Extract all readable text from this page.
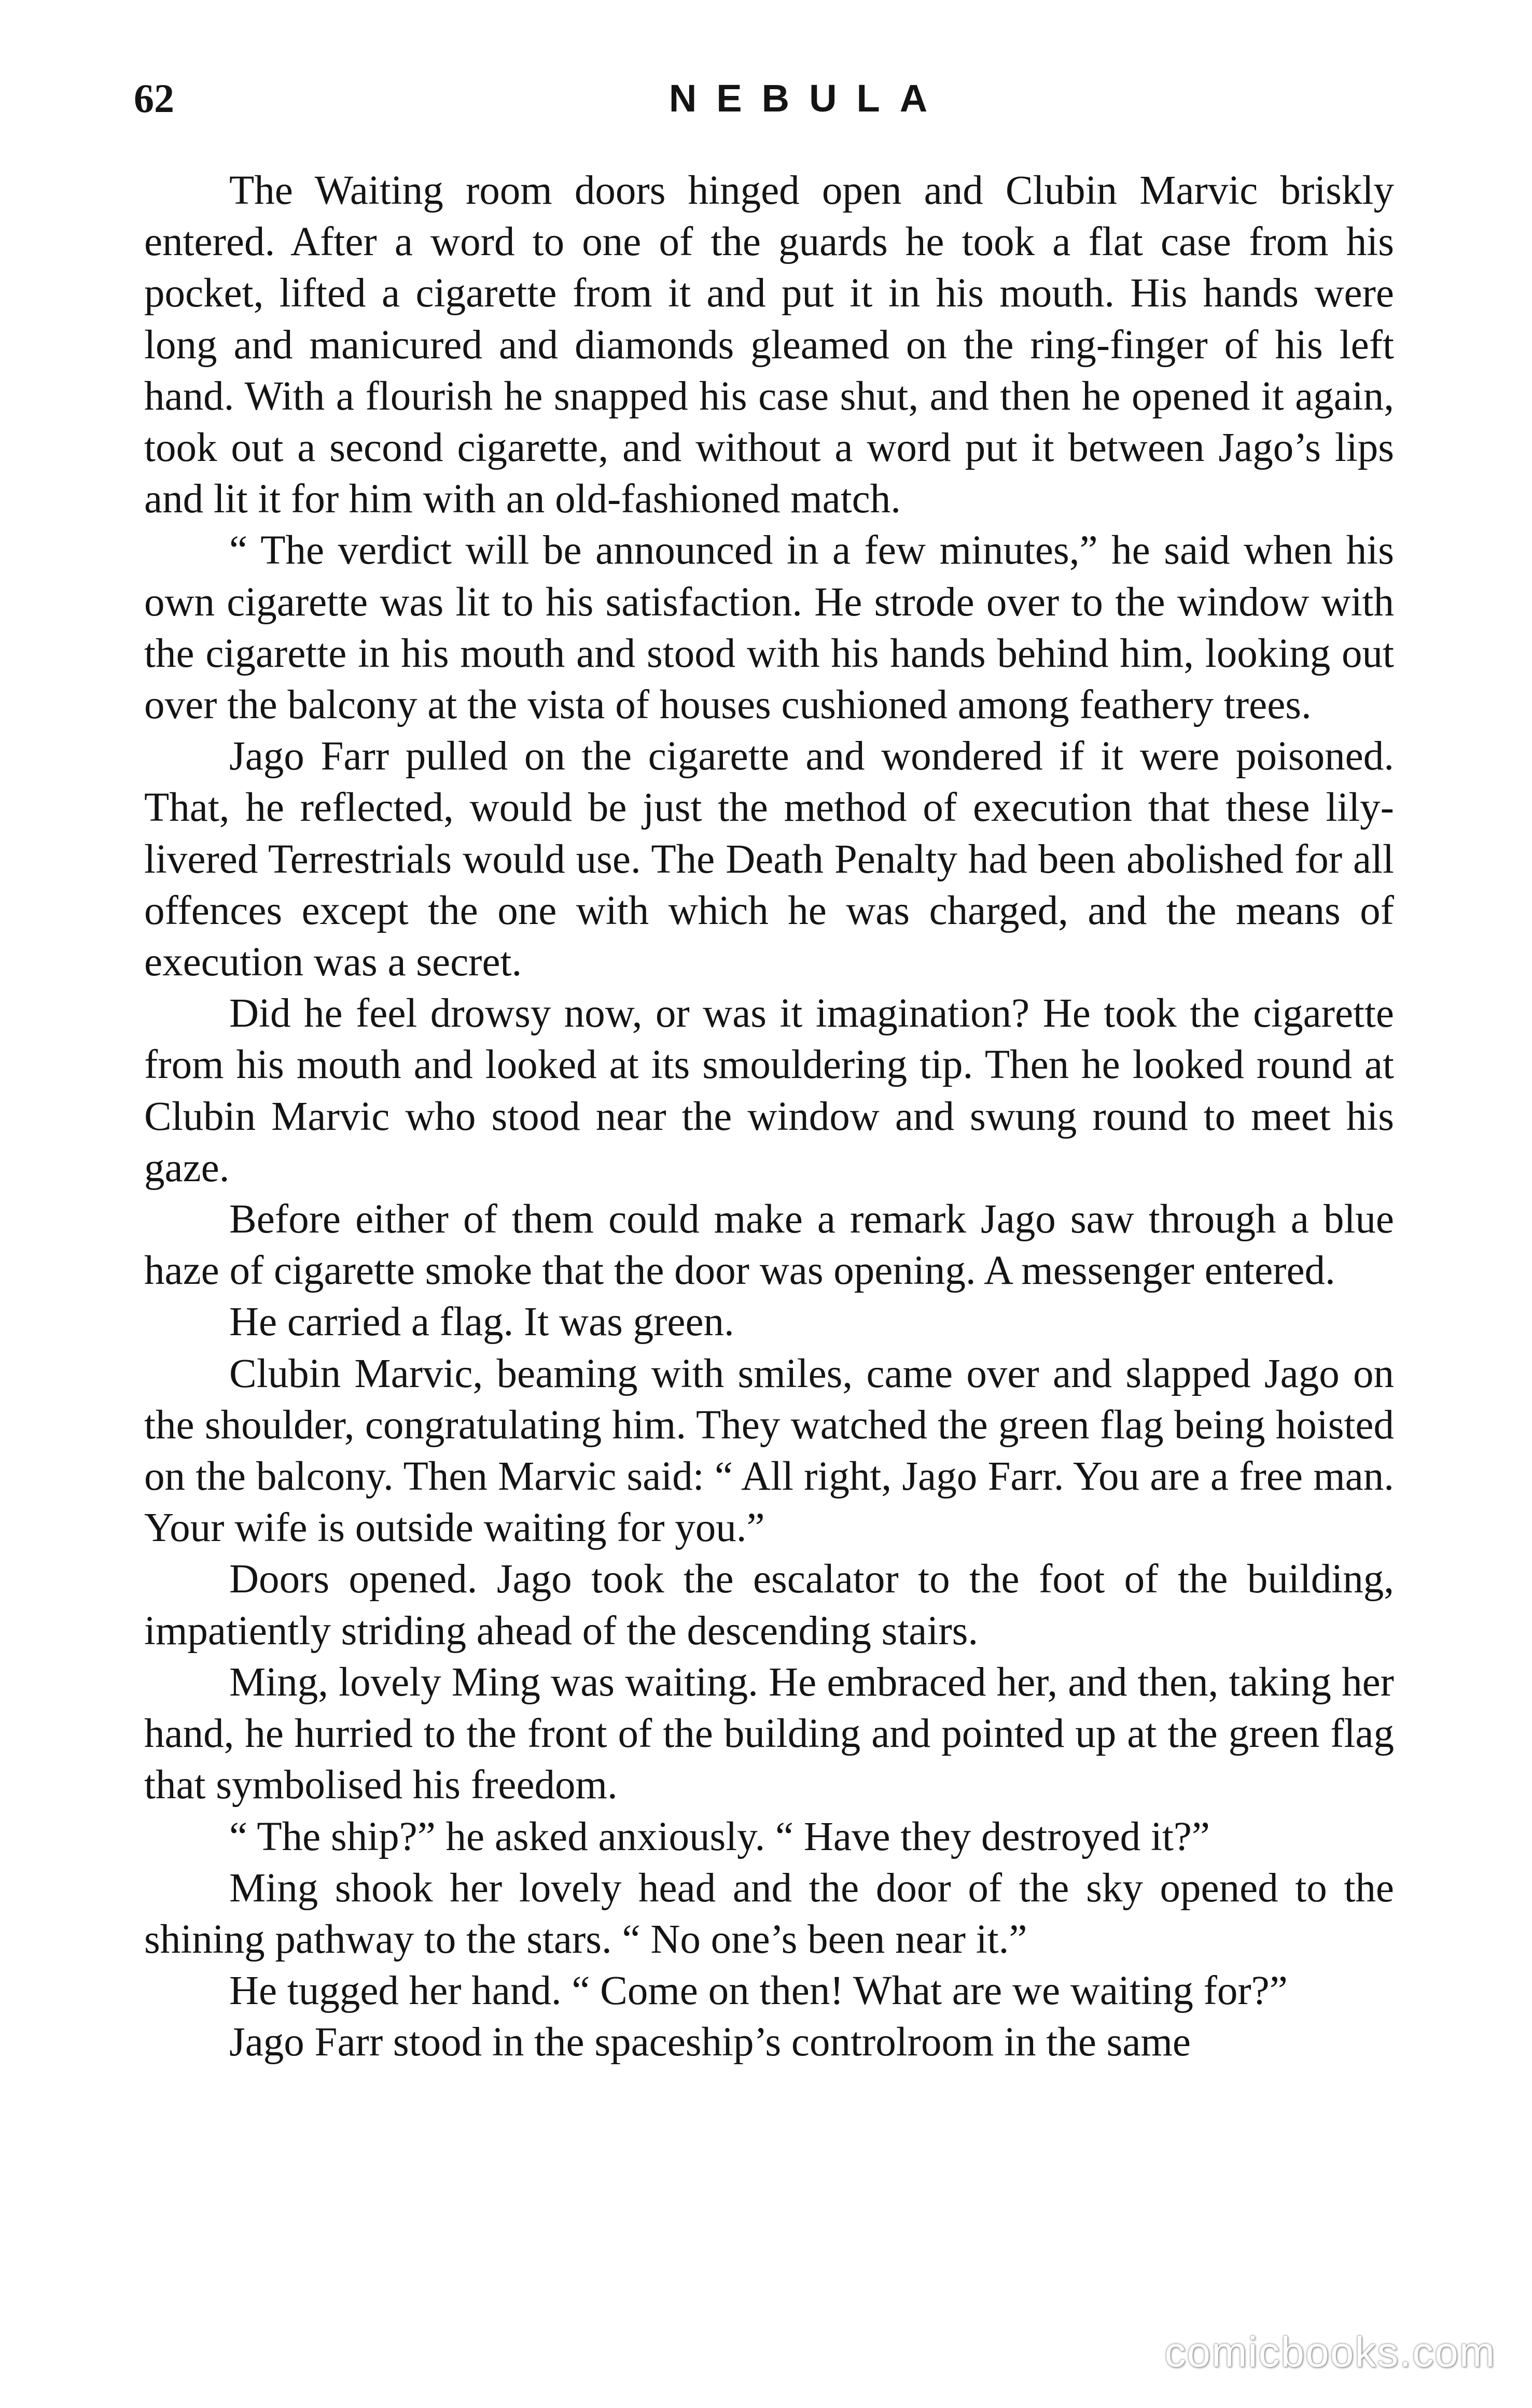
62	NEBULA

The Waiting room doors hinged open and Clubin Marvic briskly entered. After a word to one of the guards he took a flat case from his pocket, lifted a cigarette from it and put it in his mouth. His hands were long and manicured and diamonds gleamed on the ring-finger of his left hand. With a flourish he snapped his case shut, and then he opened it again, took out a second cigarette, and without a word put it between Jago’s lips and lit it for him with an old-fashioned match.

“ The verdict will be announced in a few minutes,” he said when his own cigarette was lit to his satisfaction. He strode over to the window with the cigarette in his mouth and stood with his hands behind him, looking out over the balcony at the vista of houses cushioned among feathery trees.

Jago Farr pulled on the cigarette and wondered if it were poisoned. That, he reflected, would be just the method of execution that these lily-livered Terrestrials would use. The Death Penalty had been abolished for all offences except the one with which he was charged, and the means of execution was a secret.

Did he feel drowsy now, or was it imagination? He took the cigarette from his mouth and looked at its smouldering tip. Then he looked round at Clubin Marvic who stood near the window and swung round to meet his gaze.

Before either of them could make a remark Jago saw through a blue haze of cigarette smoke that the door was opening. A messenger entered.

He carried a flag. It was green.

Clubin Marvic, beaming with smiles, came over and slapped Jago on the shoulder, congratulating him. They watched the green flag being hoisted on the balcony. Then Marvic said: “ All right, Jago Farr. You are a free man. Your wife is outside waiting for you.”

Doors opened. Jago took the escalator to the foot of the building, impatiently striding ahead of the descending stairs.

Ming, lovely Ming was waiting. He embraced her, and then, taking her hand, he hurried to the front of the building and pointed up at the green flag that symbolised his freedom.

“ The ship?” he asked anxiously. “ Have they destroyed it?”

Ming shook her lovely head and the door of the sky opened to the shining pathway to the stars. “ No one’s been near it.”

He tugged her hand. “ Come on then! What are we waiting for?”

Jago Farr stood in the spaceship’s controlroom in the same

comicbooks.com
